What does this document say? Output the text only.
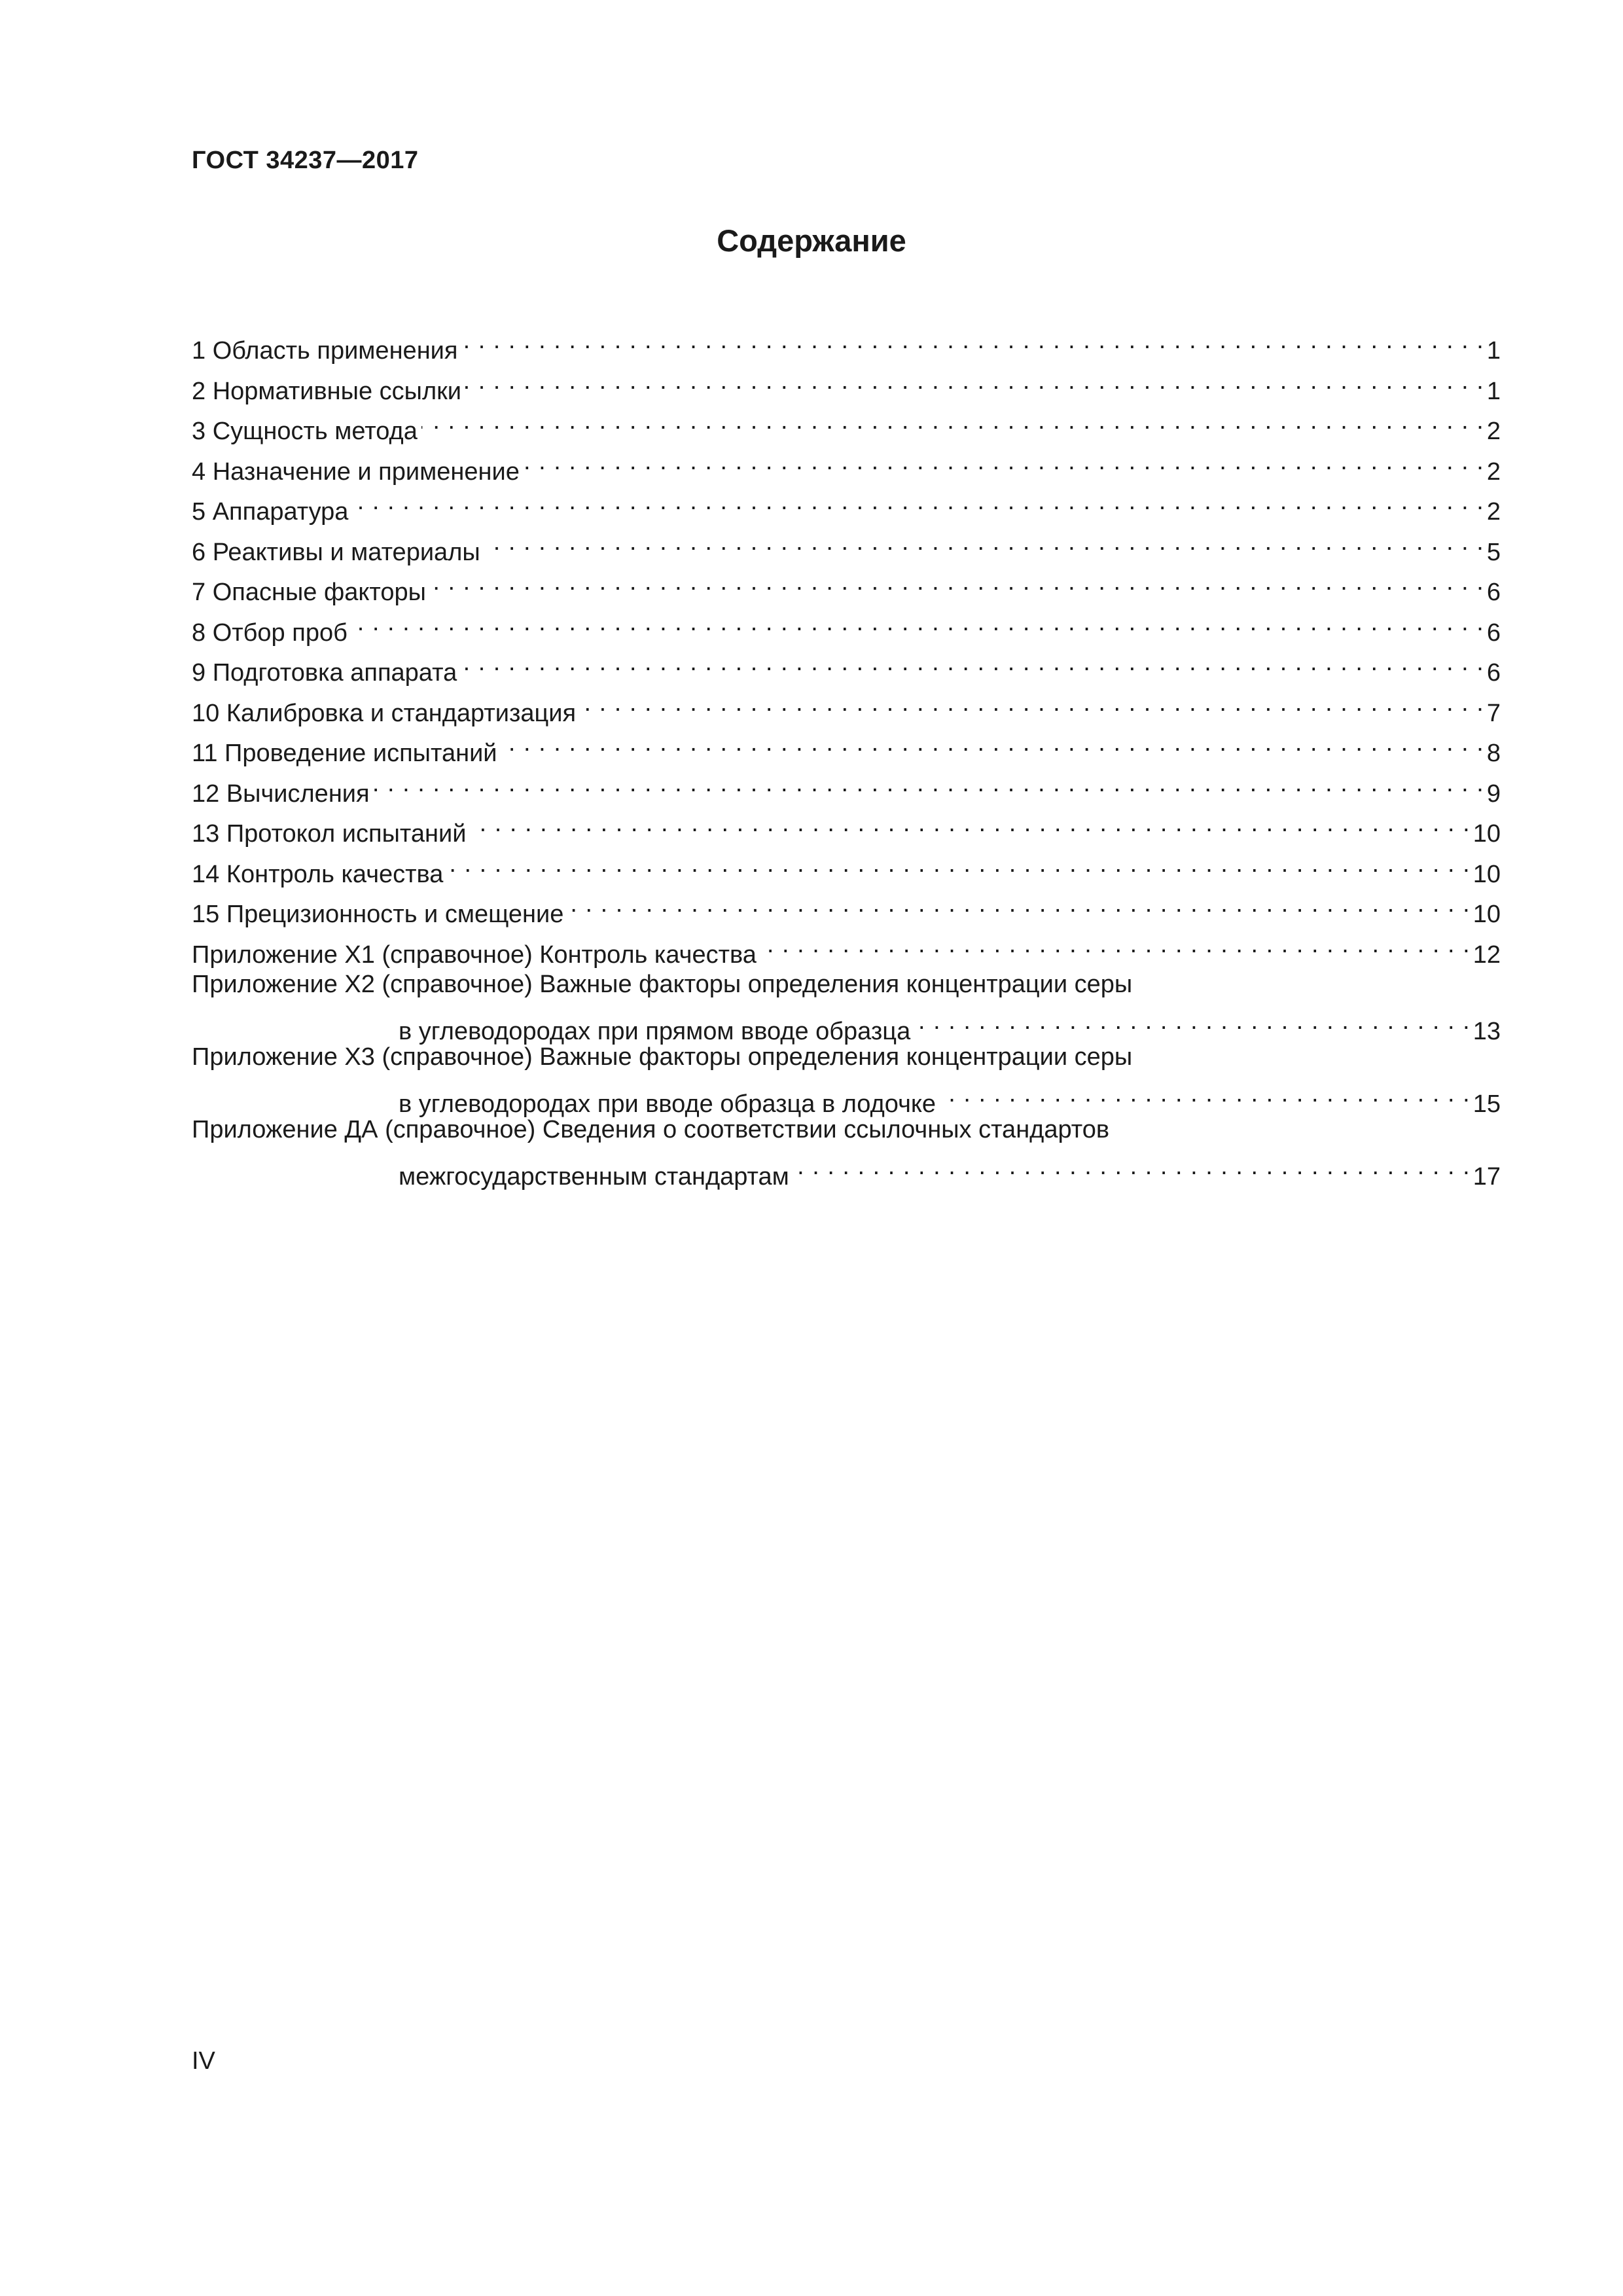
ГОСТ 34237—2017
Содержание
1 Область применения . . .	1
2 Нормативные ссылки . . .	1
3 Сущность метода . . .	2
4 Назначение и применение . . .	2
5 Аппаратура . . .	2
6 Реактивы и материалы . . .	5
7 Опасные факторы . . .	6
8 Отбор проб . . .	6
9 Подготовка аппарата . . .	6
10 Калибровка и стандартизация . . .	7
11 Проведение испытаний . . .	8
12 Вычисления . . .	9
13 Протокол испытаний . . .	10
14 Контроль качества . . .	10
15 Прецизионность и смещение . . .	10
Приложение Х1 (справочное) Контроль качества . . .	12
Приложение Х2 (справочное) Важные факторы определения концентрации серы
в углеводородах при прямом вводе образца . . .	13
Приложение Х3 (справочное) Важные факторы определения концентрации серы
в углеводородах при вводе образца в лодочке . . .	15
Приложение ДА (справочное) Сведения о соответствии ссылочных стандартов
межгосударственным стандартам . . .	17
IV
